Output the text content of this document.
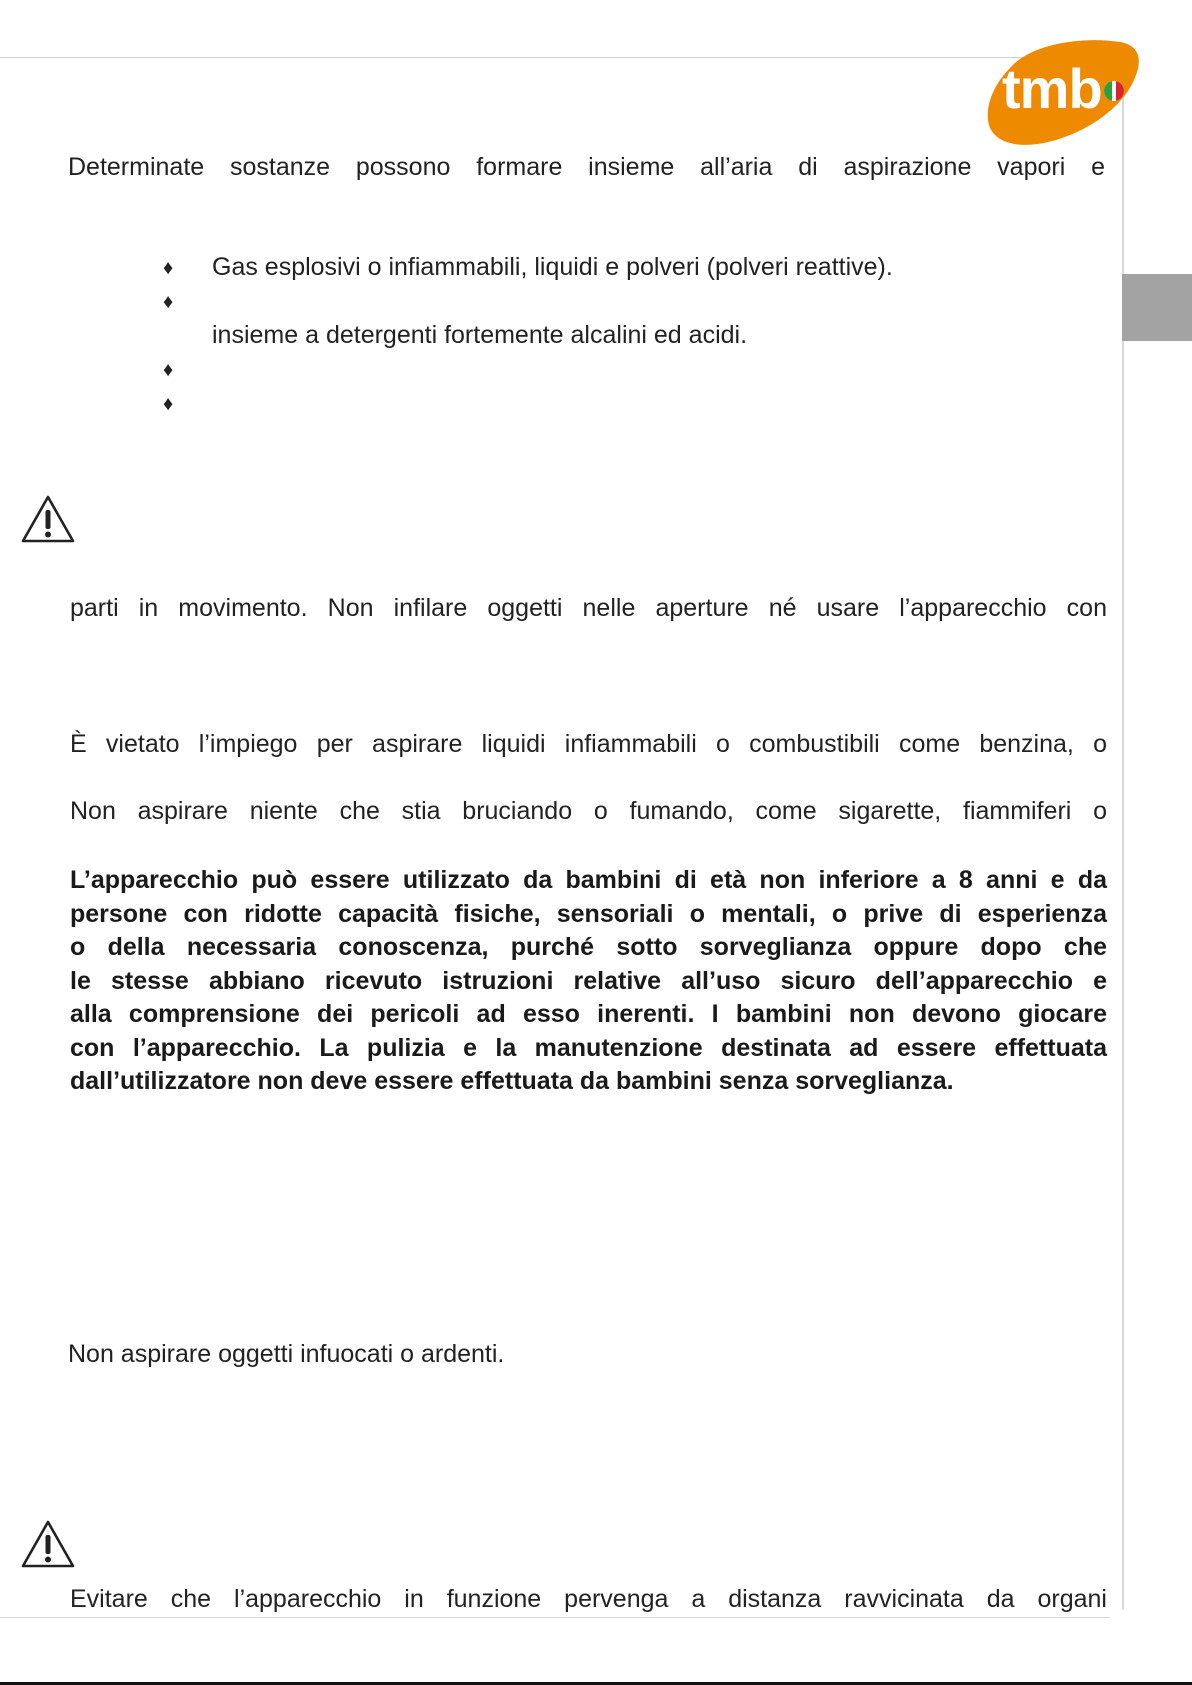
tmb
Determinate sostanze possono formare insieme all’aria di aspirazione vapori e
♦ Gas esplosivi o infiammabili, liquidi e polveri (polveri reattive).
♦
insieme a detergenti fortemente alcalini ed acidi.
♦
♦
parti in movimento. Non infilare oggetti nelle aperture né usare l’apparecchio con
È vietato l’impiego per aspirare liquidi infiammabili o combustibili come benzina, o
Non aspirare niente che stia bruciando o fumando, come sigarette, fiammiferi o
L’apparecchio può essere utilizzato da bambini di età non inferiore a 8 anni e da
persone con ridotte capacità fisiche, sensoriali o mentali, o prive di esperienza
o della necessaria conoscenza, purché sotto sorveglianza oppure dopo che
le stesse abbiano ricevuto istruzioni relative all’uso sicuro dell’apparecchio e
alla comprensione dei pericoli ad esso inerenti. I bambini non devono giocare
con l’apparecchio. La pulizia e la manutenzione destinata ad essere effettuata
dall’utilizzatore non deve essere effettuata da bambini senza sorveglianza.
Non aspirare oggetti infuocati o ardenti.
Evitare che l’apparecchio in funzione pervenga a distanza ravvicinata da organi
